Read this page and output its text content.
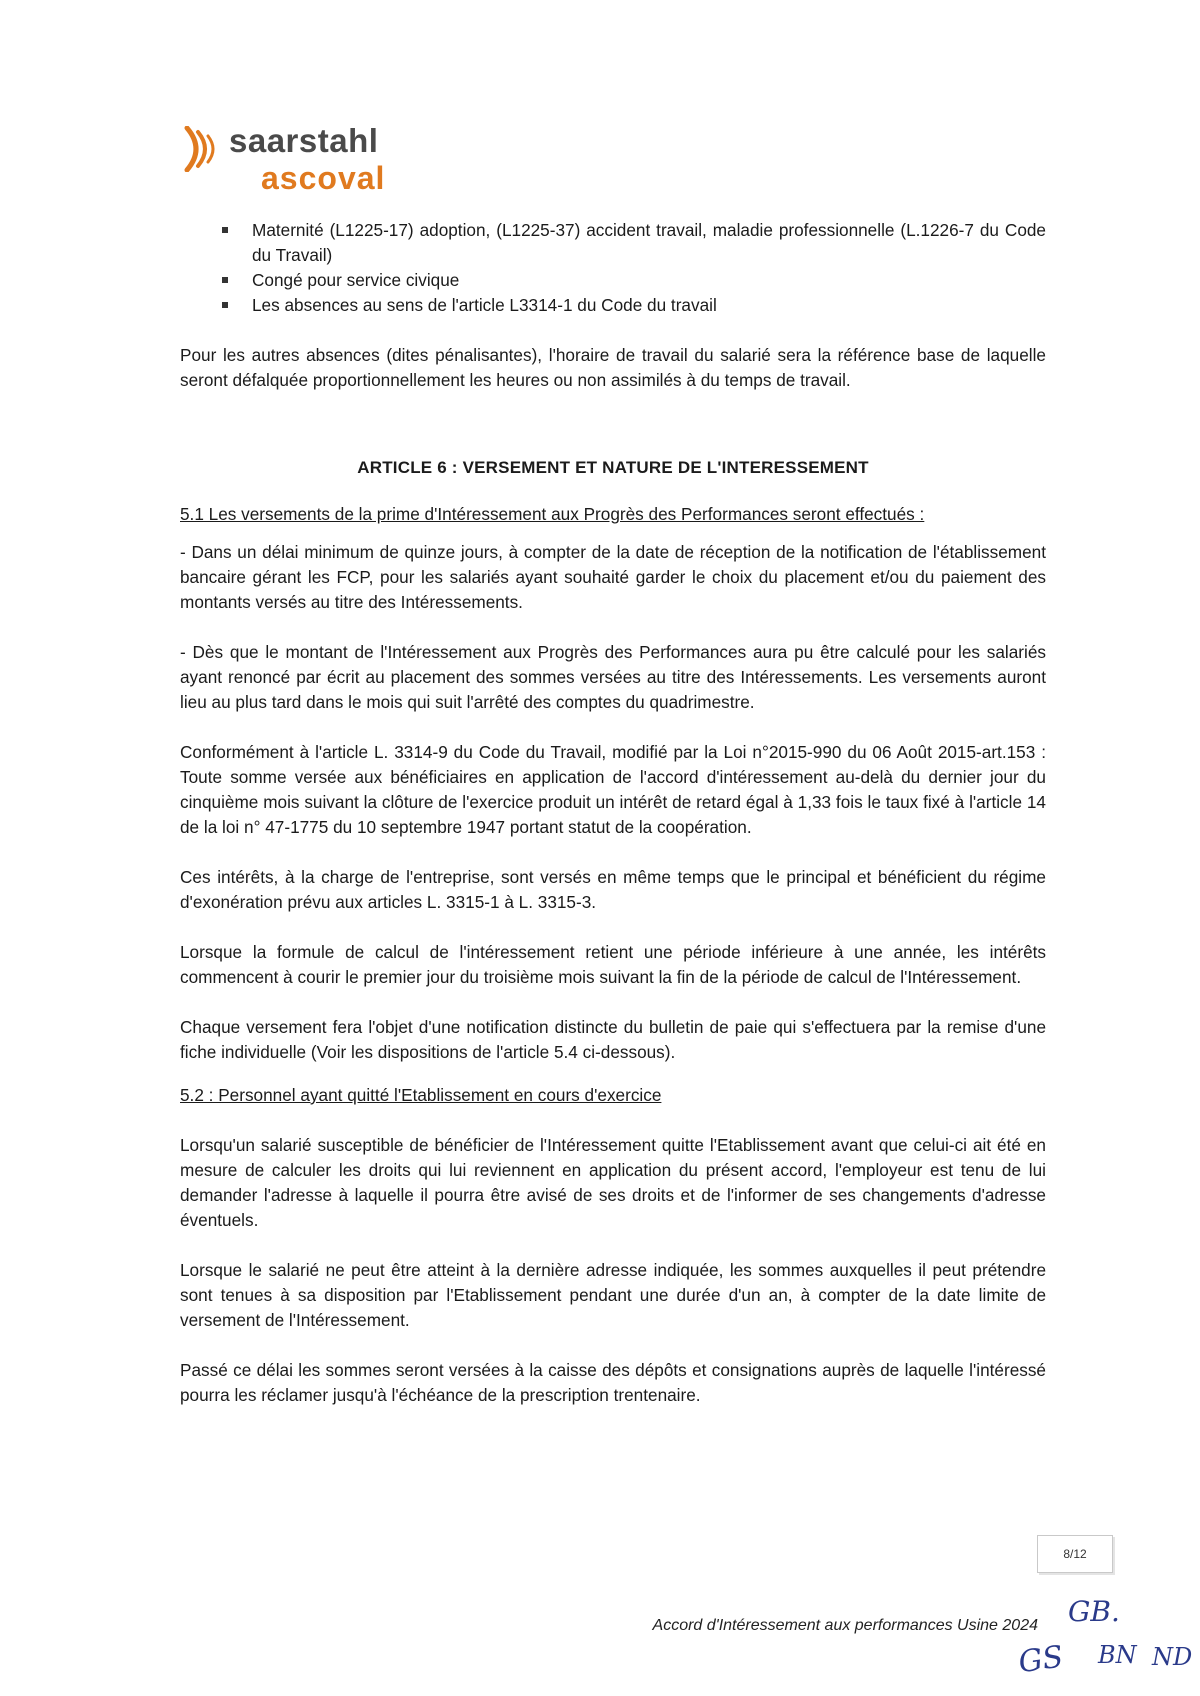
saarstahl
ascoval
Maternité (L1225-17) adoption, (L1225-37) accident travail, maladie professionnelle (L.1226-7 du Code du Travail)
Congé pour service civique
Les absences au sens de l'article L3314-1 du Code du travail

Pour les autres absences (dites pénalisantes), l'horaire de travail du salarié sera la référence base de laquelle seront défalquée proportionnellement les heures ou non assimilés à du temps de travail.

ARTICLE 6 : VERSEMENT ET NATURE DE L'INTERESSEMENT

5.1 Les versements de la prime d'Intéressement aux Progrès des Performances seront effectués :

- Dans un délai minimum de quinze jours, à compter de la date de réception de la notification de l'établissement bancaire gérant les FCP, pour les salariés ayant souhaité garder le choix du placement et/ou du paiement des montants versés au titre des Intéressements.

- Dès que le montant de l'Intéressement aux Progrès des Performances aura pu être calculé pour les salariés ayant renoncé par écrit au placement des sommes versées au titre des Intéressements. Les versements auront lieu au plus tard dans le mois qui suit l'arrêté des comptes du quadrimestre.

Conformément à l'article L. 3314-9 du Code du Travail, modifié par la Loi n°2015-990 du 06 Août 2015-art.153 : Toute somme versée aux bénéficiaires en application de l'accord d'intéressement au-delà du dernier jour du cinquième mois suivant la clôture de l'exercice produit un intérêt de retard égal à 1,33 fois le taux fixé à l'article 14 de la loi n° 47-1775 du 10 septembre 1947 portant statut de la coopération.

Ces intérêts, à la charge de l'entreprise, sont versés en même temps que le principal et bénéficient du régime d'exonération prévu aux articles L. 3315-1 à L. 3315-3.

Lorsque la formule de calcul de l'intéressement retient une période inférieure à une année, les intérêts commencent à courir le premier jour du troisième mois suivant la fin de la période de calcul de l'Intéressement.

Chaque versement fera l'objet d'une notification distincte du bulletin de paie qui s'effectuera par la remise d'une fiche individuelle (Voir les dispositions de l'article 5.4 ci-dessous).

5.2 : Personnel ayant quitté l'Etablissement en cours d'exercice

Lorsqu'un salarié susceptible de bénéficier de l'Intéressement quitte l'Etablissement avant que celui-ci ait été en mesure de calculer les droits qui lui reviennent en application du présent accord, l'employeur est tenu de lui demander l'adresse à laquelle il pourra être avisé de ses droits et de l'informer de ses changements d'adresse éventuels.

Lorsque le salarié ne peut être atteint à la dernière adresse indiquée, les sommes auxquelles il peut prétendre sont tenues à sa disposition par l'Etablissement pendant une durée d'un an, à compter de la date limite de versement de l'Intéressement.

Passé ce délai les sommes seront versées à la caisse des dépôts et consignations auprès de laquelle l'intéressé pourra les réclamer jusqu'à l'échéance de la prescription trentenaire.

8/12
Accord d'Intéressement aux performances Usine 2024 GB.
GS BN ND
